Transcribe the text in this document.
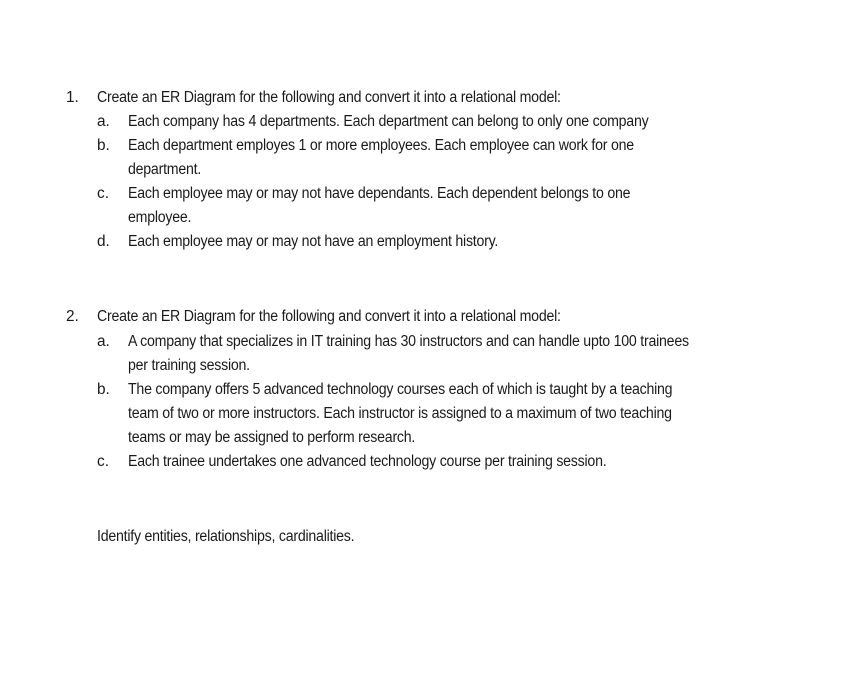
1. Create an ER Diagram for the following and convert it into a relational model:
a. Each company has 4 departments. Each department can belong to only one company
b. Each department employes 1 or more employees. Each employee can work for one
department.
c. Each employee may or may not have dependants. Each dependent belongs to one
employee.
d. Each employee may or may not have an employment history.
2. Create an ER Diagram for the following and convert it into a relational model:
a. A company that specializes in IT training has 30 instructors and can handle upto 100 trainees
per training session.
b. The company offers 5 advanced technology courses each of which is taught by a teaching
team of two or more instructors. Each instructor is assigned to a maximum of two teaching
teams or may be assigned to perform research.
c. Each trainee undertakes one advanced technology course per training session.
Identify entities, relationships, cardinalities.
